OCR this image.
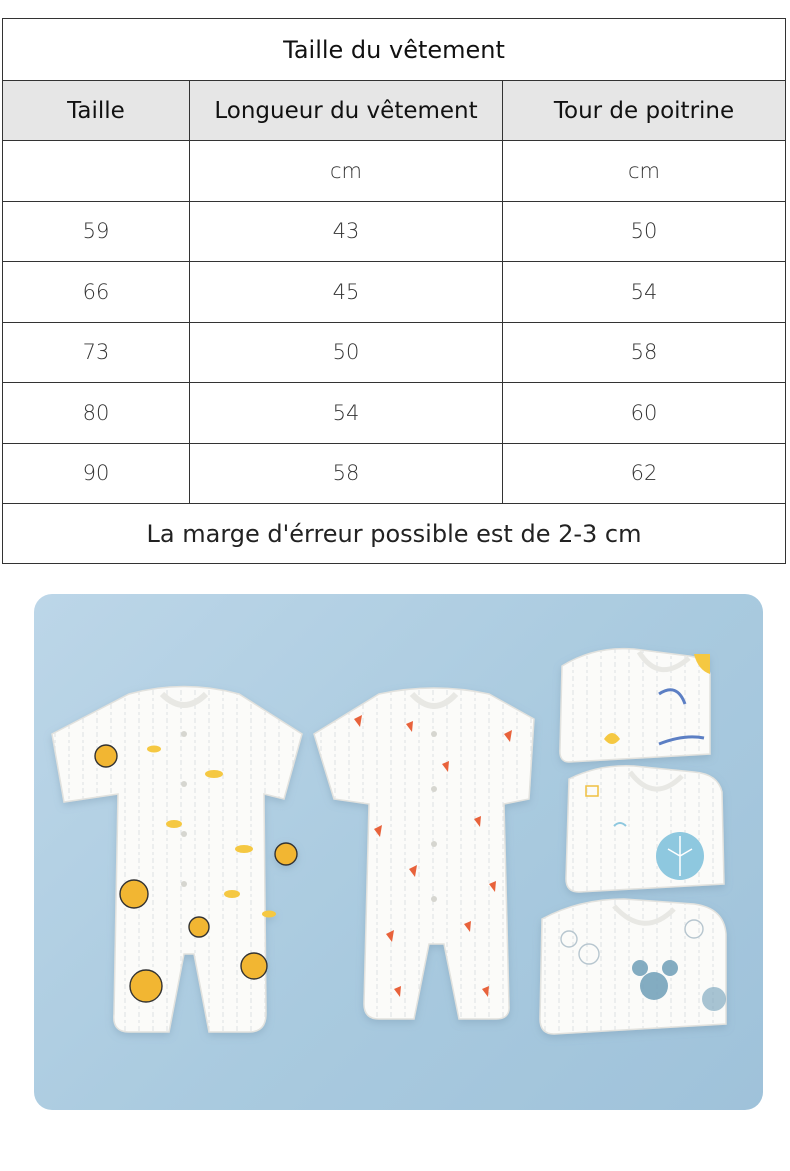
Taille du vêtement		
Taille	Longueur du vêtement	Tour de poitrine
	cm	cm
59	43	50
66	45	54
73	50	58
80	54	60
90	58	62
La marge d'érreur possible est de 2-3 cm		
